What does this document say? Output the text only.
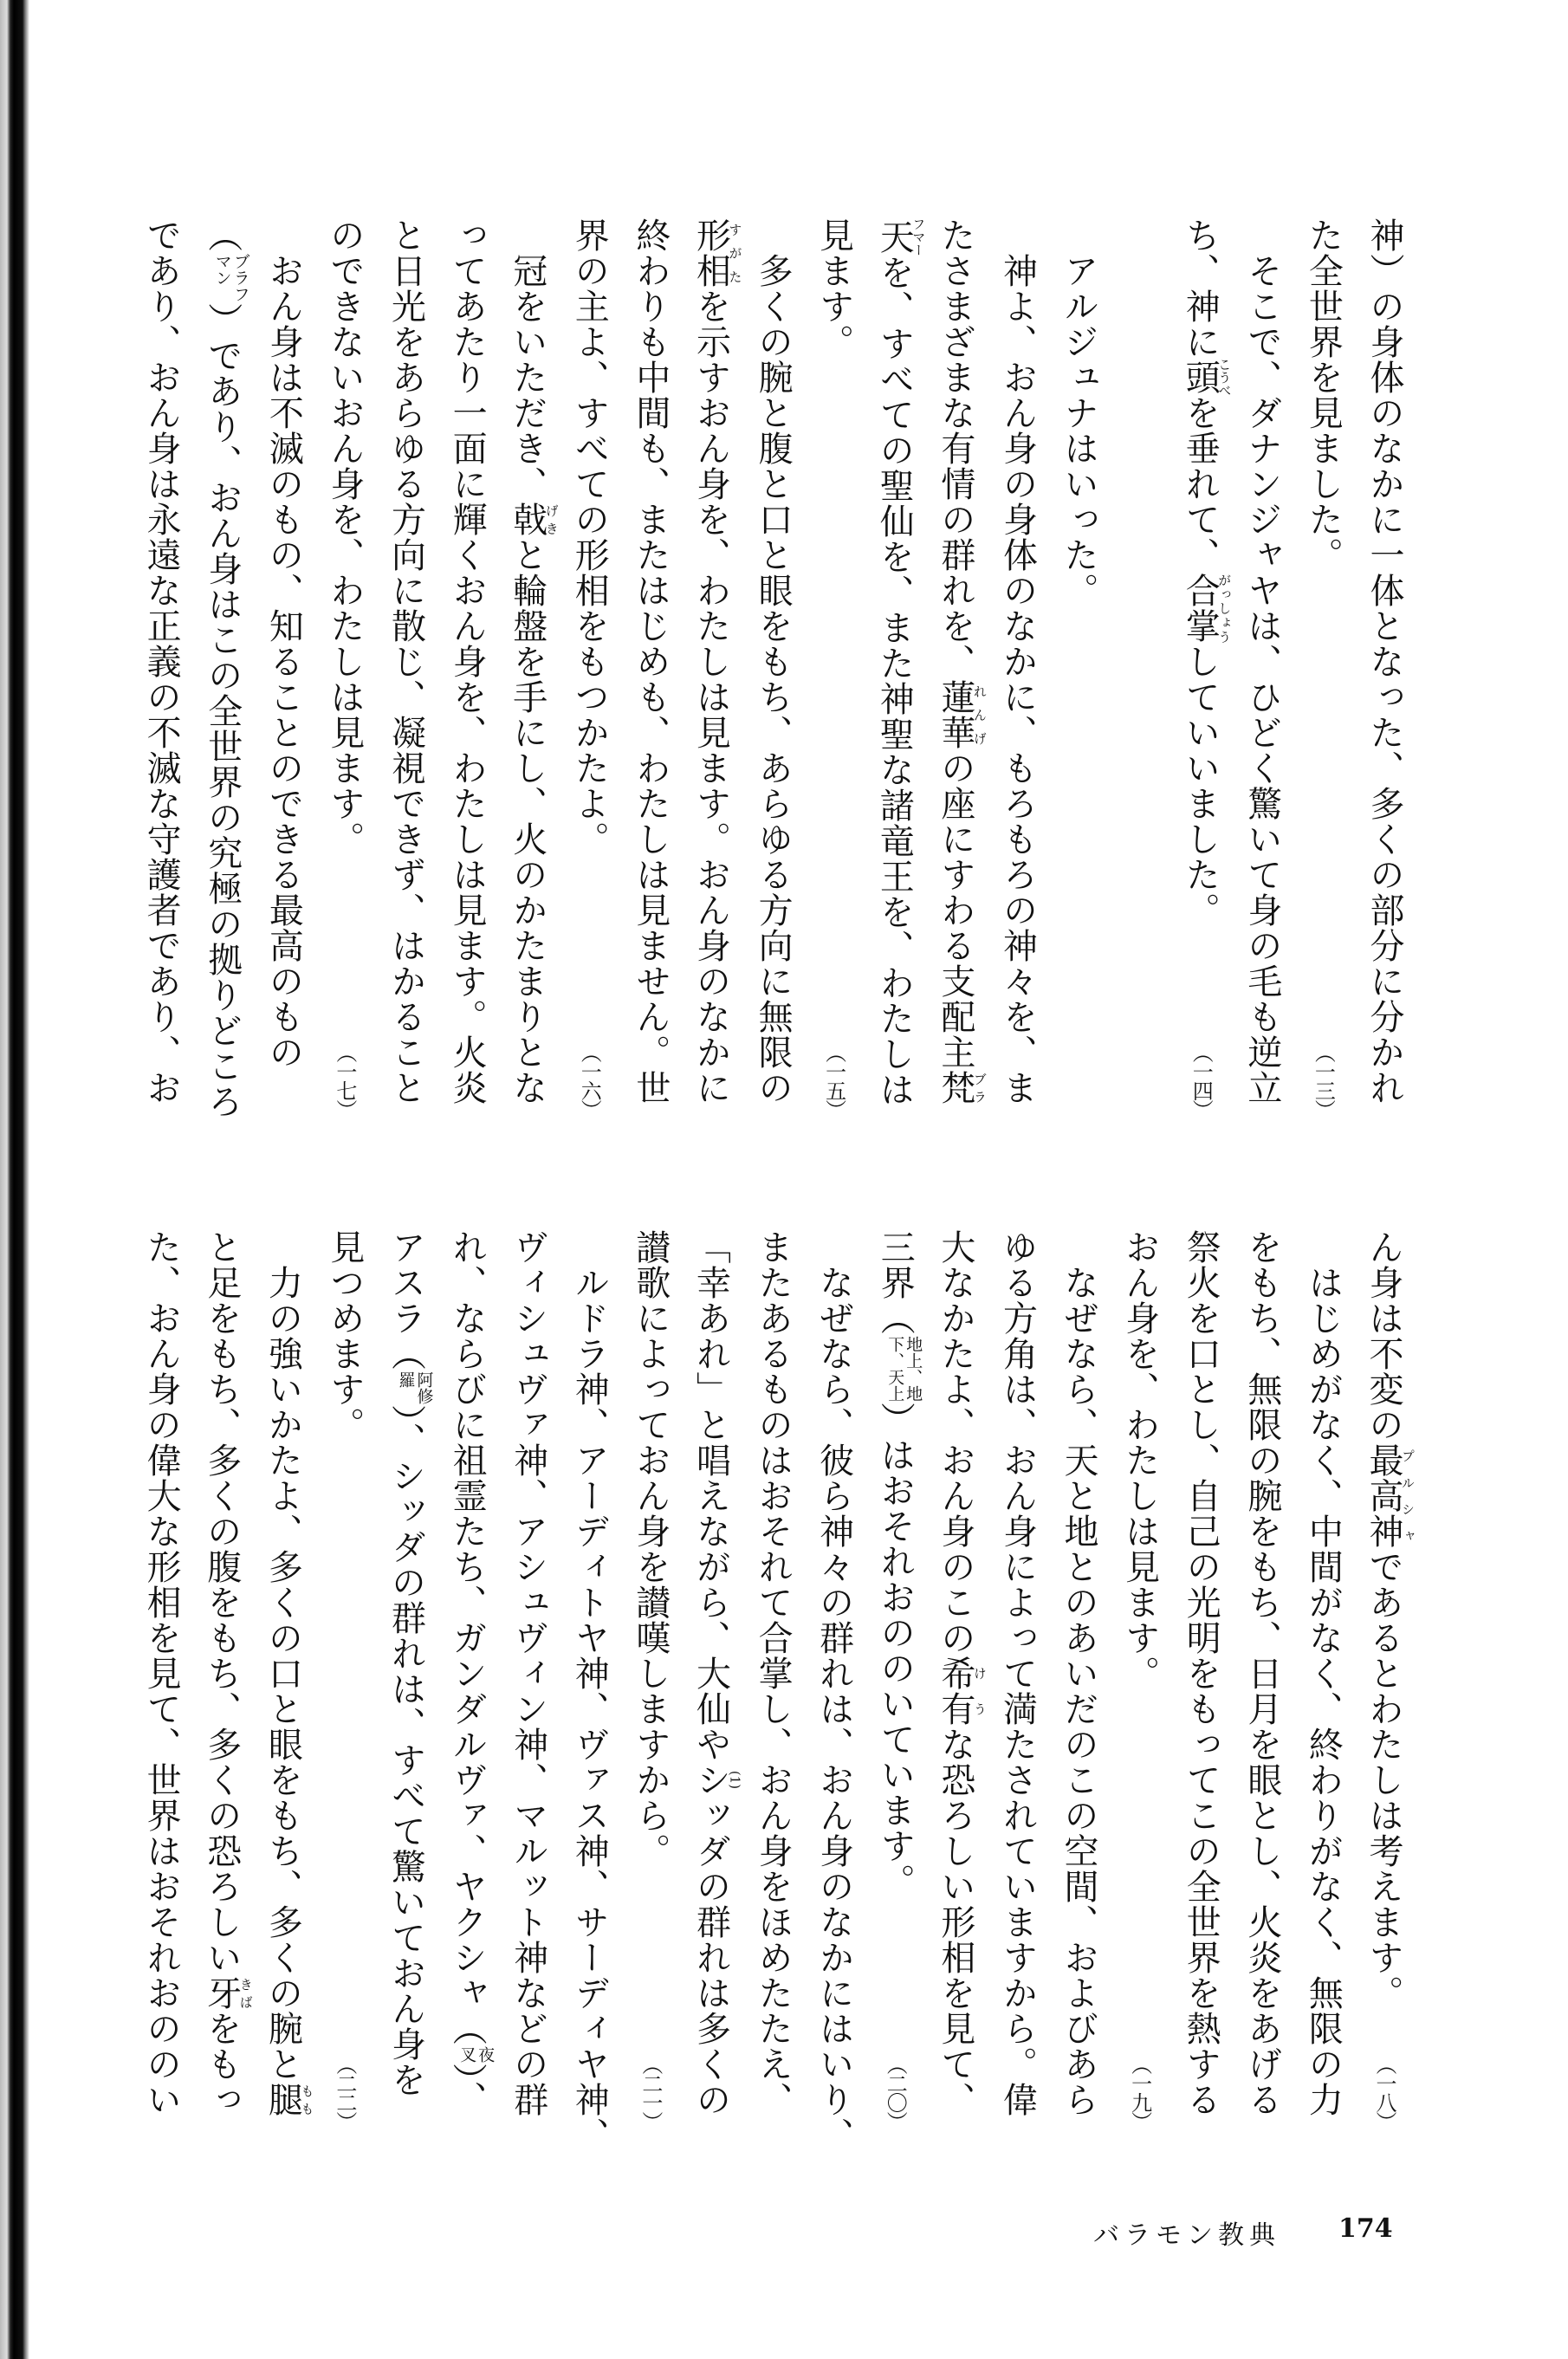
神）の身体のなかに一体となった、多くの部分に分かれ
た全世界を見ました。
（一三）
　そこで、ダナンジャヤは、ひどく驚いて身の毛も逆立
ち、神に頭こうべを垂れて、合掌がっしょうしていいました。
（一四）
　アルジュナはいった。
　神よ、おん身の身体のなかに、もろもろの神々を、ま
たさまざまな有情の群れを、蓮華れんげの座にすわる支配主梵ブラ
天フマーを、すべての聖仙を、また神聖な諸竜王を、わたしは
見ます。
（一五）
　多くの腕と腹と口と眼をもち、あらゆる方向に無限の
形相すがたを示すおん身を、わたしは見ます。おん身のなかに
終わりも中間も、またはじめも、わたしは見ません。世
界の主よ、すべての形相をもつかたよ。
（一六）
　冠をいただき、戟げきと輪盤を手にし、火のかたまりとな
ってあたり一面に輝くおん身を、わたしは見ます。火炎
と日光をあらゆる方向に散じ、凝視できず、はかること
のできないおん身を、わたしは見ます。
（一七）
　おん身は不滅のもの、知ることのできる最高のもの
（
ブラフ
マン
）であり、おん身はこの全世界の究極の拠りどころ
であり、おん身は永遠な正義の不滅な守護者であり、お
ん身は不変の最高神プルシャであるとわたしは考えます。
（一八）
　はじめがなく、中間がなく、終わりがなく、無限の力
をもち、無限の腕をもち、日月を眼とし、火炎をあげる
祭火を口とし、自己の光明をもってこの全世界を熱する
おん身を、わたしは見ます。
（一九）
　なぜなら、天と地とのあいだのこの空間、およびあら
ゆる方角は、おん身によって満たされていますから。偉
大なかたよ、おん身のこの希有けうな恐ろしい形相を見て、
三界（
地上、地
下、天上
）はおそれおののいています。
（二〇）
　なぜなら、彼ら神々の群れは、おん身のなかにはいり、
またあるものはおそれて合掌し、おん身をほめたたえ、
「幸あれ」と唱えながら、大仙やシ(1)ッダの群れは多くの
讃歌によっておん身を讃嘆しますから。
（二一）
　ルドラ神、アーディトヤ神、ヴァス神、サーディヤ神、
ヴィシュヴァ神、アシュヴィン神、マルット神などの群
れ、ならびに祖霊たち、ガンダルヴァ、ヤクシャ（
夜
叉
）、
アスラ（
阿修
羅
）、シッダの群れは、すべて驚いておん身を
見つめます。
（二二）
　力の強いかたよ、多くの口と眼をもち、多くの腕と腿もも
と足をもち、多くの腹をもち、多くの恐ろしい牙きばをもっ
た、おん身の偉大な形相を見て、世界はおそれおののい
バラモン教典 174
